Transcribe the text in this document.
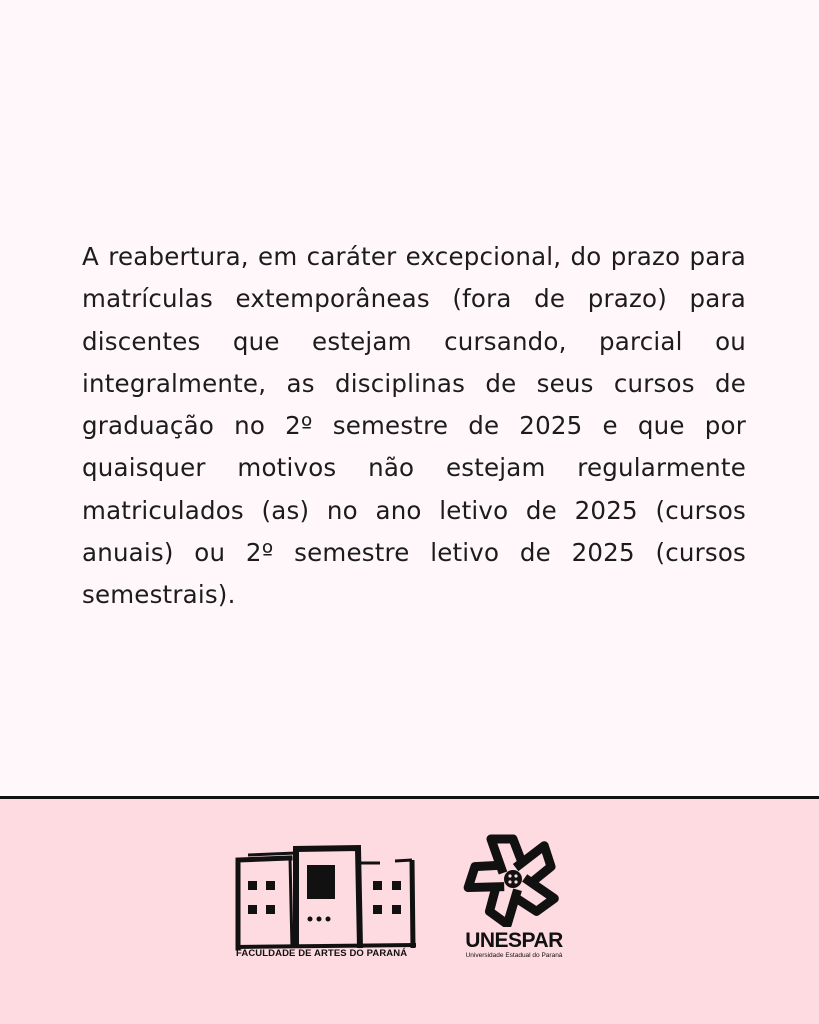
A reabertura, em caráter excepcional, do prazo para matrículas extemporâneas (fora de prazo) para discentes que estejam cursando, parcial ou integralmente, as disciplinas de seus cursos de graduação no 2º semestre de 2025 e que por quaisquer motivos não estejam regularmente matriculados (as) no ano letivo de 2025 (cursos anuais) ou 2º semestre letivo de 2025 (cursos semestrais).

FACULDADE DE ARTES DO PARANÁ
UNESPAR
Universidade Estadual do Paraná
